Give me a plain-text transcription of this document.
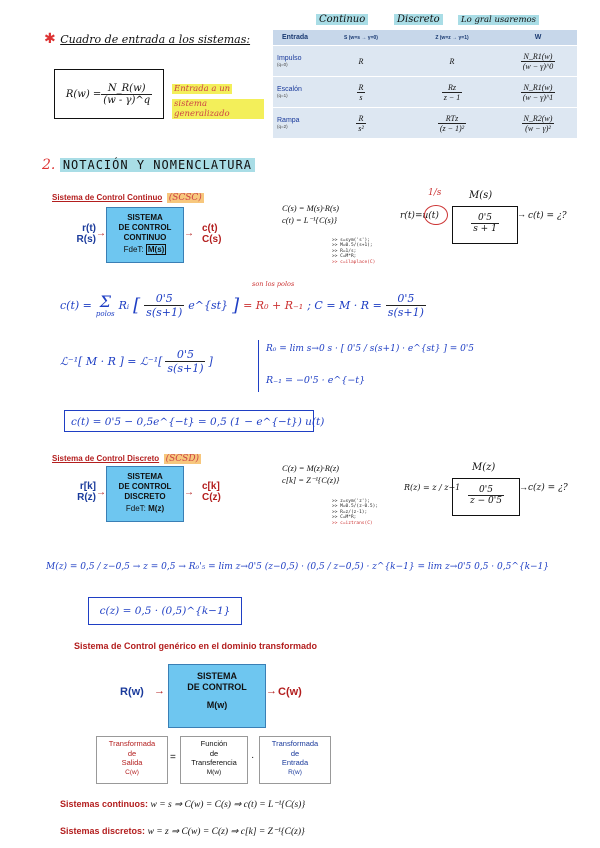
Continuo	Discreto	Lo gral usaremos
✱ Cuadro de entrada a los sistemas:
$R(w) = \frac{N\_R(w)}{(w - \gamma)\^{}q}$	Entrada a un sistema generalizado
Entrada	S (w=s → γ=0)	Z (w=z → γ=1)	W
Impulso
(q=0)	R	R	$\frac{N\_R1(w)}{(w - \gamma)\^{}0}$

Escalón
(q=1)	$\frac{R}{s}$	$\frac{Rz}{z - 1}$	$\frac{N\_R1(w)}{(w - \gamma)\^{}1}$

Rampa
(q=2)	$\frac{R}{\text{s²}}$	$\frac{\text{RTz}}{\text{(z − 1)²}}$	$\frac{N\_R2(w)}{\text{(w − γ)²}}$
2. NOTACIÓN Y NOMENCLATURA
Sistema de Control Continuo (SCSC)
r(t)
R(s)
→
SISTEMA
DE CONTROL
CONTINUO
FdeT: M(s)
→ c(t)
C(s)
C(s) = M(s)·R(s)
c(t) = L⁻¹{C(s)}
>> s=sym('s');
>> M=0.5/(s+1);
>> R=1/s;
>> C=M*R;
>> c=ilaplace(C)
1/s
r(t)=u(t)
M(s)
$\frac{0'5}{s + 1} \to c(t)$ = ¿?
c(t) = Σ
polos
Rᵢ [ $\frac{0'5}{s(s+1)}$ e^{st} ] = R₀ + R₋₁ ; $C = M \cdot R = \frac{0'5}{s(s+1)}$
son los polos
ℒ⁻¹[ M · R ] = ℒ⁻¹[ $\frac{0'5}{s(s+1)}$ ]
R₀ = lim s→0 s · [ 0'5 / s(s+1) · e^{st} ] = 0'5
R₋₁ = −0'5 · e^{−t}
c(t) = 0'5 − 0,5e^{−t} = 0,5 (1 − e^{−t}) u(t)
Sistema de Control Discreto (SCSD)
r[k]
R(z) →
SISTEMA
DE CONTROL
DISCRETO
FdeT: M(z)
→
c[k]
C(z)
C(z) = M(z)·R(z)
c[k] = Z⁻¹{C(z)}
>> z=sym('z');
>> M=0.5/(z-0.5);
>> R=z/(z-1);
>> C=M*R;
>> c=iztrans(C)
R(z) = z / z−1
M(z)
$\frac{0'5}{z - 0'5} \to c(z)$ = ¿?
M(z) = 0,5 / z−0,5 → z = 0,5 → R₀'₅ = lim z→0'5 (z−0,5) · (0,5 / z−0,5) · z^{k−1} = lim z→0'5 0,5 · 0,5^{k−1}
c(z) = 0,5 · (0,5)^{k−1}
Sistema de Control genérico en el dominio transformado
R(w) →
SISTEMA
DE CONTROL
M(w)
→ C(w)
Transformada
de
Salida
C(w)
=
Función
de
Transferencia
M(w)
·
Transformada
de
Entrada
R(w)
Sistemas continuos: w = s ⇒ C(w) = C(s) ⇒ c(t) = L⁻¹{C(s)}
Sistemas discretos: w = z ⇒ C(w) = C(z) ⇒ c[k] = Z⁻¹{C(z)}
